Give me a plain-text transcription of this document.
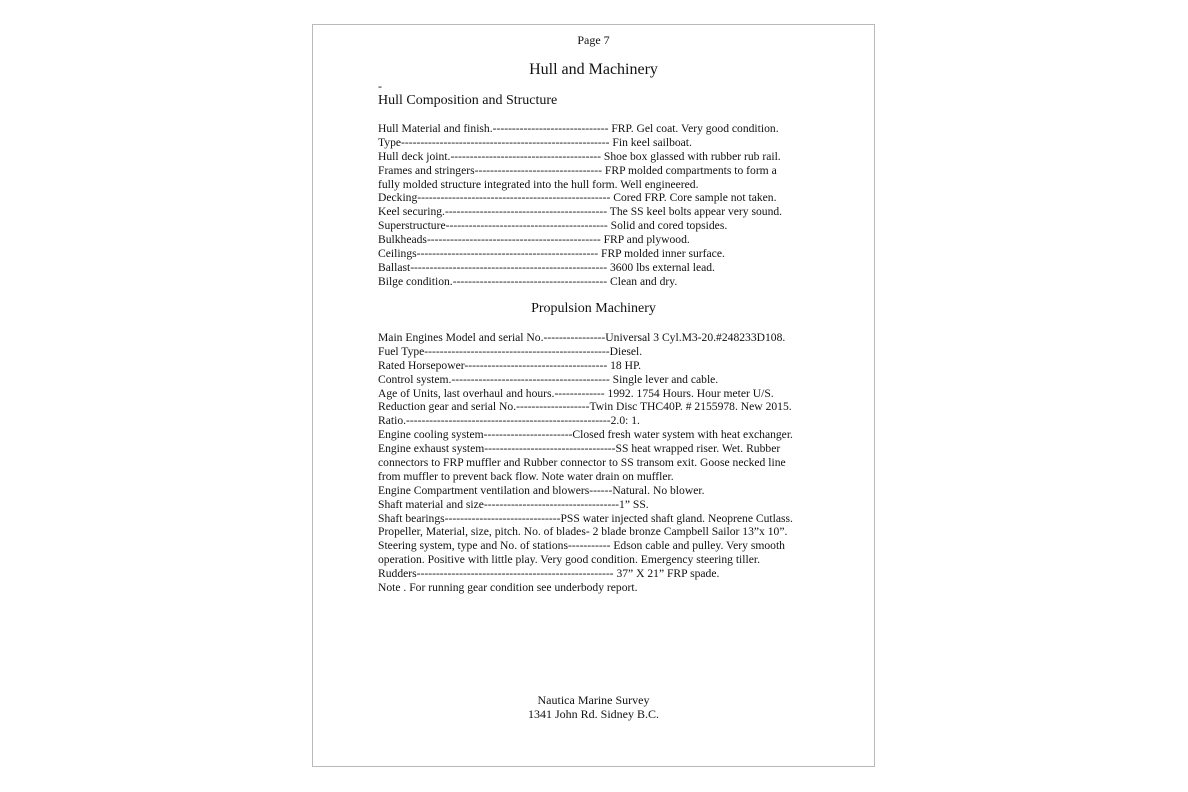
Page 7
Hull and Machinery
-
Hull Composition and Structure
Hull Material and finish.------------------------------ FRP. Gel coat. Very good condition.
Type------------------------------------------------------ Fin keel sailboat.
Hull deck joint.--------------------------------------- Shoe box glassed with rubber rub rail.
Frames and stringers--------------------------------- FRP molded compartments to form a
fully molded structure integrated into the hull form. Well engineered.
Decking-------------------------------------------------- Cored FRP. Core sample not taken.
Keel securing.------------------------------------------ The SS keel bolts appear very sound.
Superstructure------------------------------------------ Solid and cored topsides.
Bulkheads--------------------------------------------- FRP and plywood.
Ceilings----------------------------------------------- FRP molded inner surface.
Ballast--------------------------------------------------- 3600 lbs external lead.
Bilge condition.---------------------------------------- Clean and dry.
Propulsion Machinery
Main Engines Model and serial No.----------------Universal 3 Cyl.M3-20.#248233D108.
Fuel Type------------------------------------------------Diesel.
Rated Horsepower------------------------------------- 18 HP.
Control system.----------------------------------------- Single lever and cable.
Age of Units, last overhaul and hours.------------- 1992. 1754 Hours. Hour meter U/S.
Reduction gear and serial No.-------------------Twin Disc THC40P. # 2155978. New 2015.
Ratio.-----------------------------------------------------2.0: 1.
Engine cooling system-----------------------Closed fresh water system with heat exchanger.
Engine exhaust system----------------------------------SS heat wrapped riser. Wet. Rubber
connectors to FRP muffler and Rubber connector to SS transom exit. Goose necked line
from muffler to prevent back flow. Note water drain on muffler.
Engine Compartment ventilation and blowers------Natural. No blower.
Shaft material and size-----------------------------------1” SS.
Shaft bearings------------------------------PSS water injected shaft gland. Neoprene Cutlass.
Propeller, Material, size, pitch. No. of blades- 2 blade bronze Campbell Sailor 13”x 10”.
Steering system, type and No. of stations----------- Edson cable and pulley. Very smooth
operation. Positive with little play. Very good condition. Emergency steering tiller.
Rudders--------------------------------------------------- 37” X 21” FRP spade.
Note . For running gear condition see underbody report.
Nautica Marine Survey
1341 John Rd. Sidney B.C.
